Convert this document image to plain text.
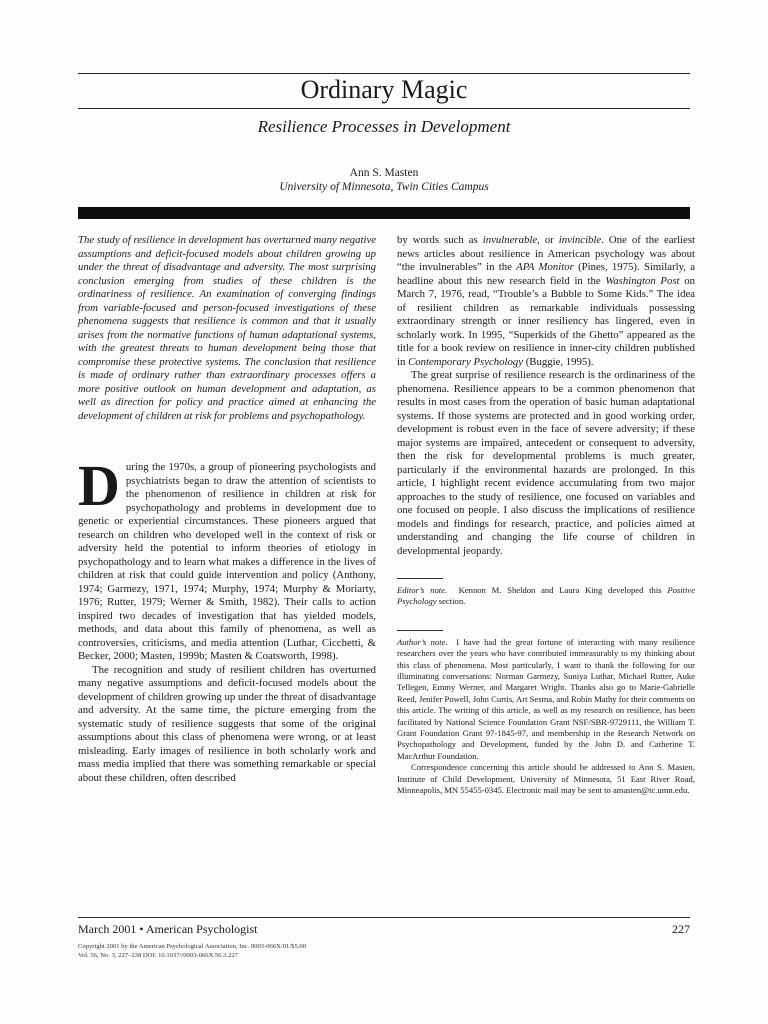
Ordinary Magic
Resilience Processes in Development
Ann S. Masten
University of Minnesota, Twin Cities Campus

The study of resilience in development has overturned many negative assumptions and deficit-focused models about children growing up under the threat of disadvantage and adversity. The most surprising conclusion emerging from studies of these children is the ordinariness of resilience. An examination of converging findings from variable-focused and person-focused investigations of these phenomena suggests that resilience is common and that it usually arises from the normative functions of human adaptational systems, with the greatest threats to human development being those that compromise these protective systems. The conclusion that resilience is made of ordinary rather than extraordinary processes offers a more positive outlook on human development and adaptation, as well as direction for policy and practice aimed at enhancing the development of children at risk for problems and psychopathology.

During the 1970s, a group of pioneering psychologists and psychiatrists began to draw the attention of scientists to the phenomenon of resilience in children at risk for psychopathology and problems in development due to genetic or experiential circumstances. These pioneers argued that research on children who developed well in the context of risk or adversity held the potential to inform theories of etiology in psychopathology and to learn what makes a difference in the lives of children at risk that could guide intervention and policy (Anthony, 1974; Garmezy, 1971, 1974; Murphy, 1974; Murphy & Moriarty, 1976; Rutter, 1979; Werner & Smith, 1982). Their calls to action inspired two decades of investigation that has yielded models, methods, and data about this family of phenomena, as well as controversies, criticisms, and media attention (Luthar, Cicchetti, & Becker, 2000; Masten, 1999b; Masten & Coatsworth, 1998).

The recognition and study of resilient children has overturned many negative assumptions and deficit-focused models about the development of children growing up under the threat of disadvantage and adversity. At the same time, the picture emerging from the systematic study of resilience suggests that some of the original assumptions about this class of phenomena were wrong, or at least misleading. Early images of resilience in both scholarly work and mass media implied that there was something remarkable or special about these children, often described

by words such as invulnerable, or invincible. One of the earliest news articles about resilience in American psychology was about “the invulnerables” in the APA Monitor (Pines, 1975). Similarly, a headline about this new research field in the Washington Post on March 7, 1976, read, “Trouble’s a Bubble to Some Kids.” The idea of resilient children as remarkable individuals possessing extraordinary strength or inner resiliency has lingered, even in scholarly work. In 1995, “Superkids of the Ghetto” appeared as the title for a book review on resilience in inner-city children published in Contemporary Psychology (Buggie, 1995).

The great surprise of resilience research is the ordinariness of the phenomena. Resilience appears to be a common phenomenon that results in most cases from the operation of basic human adaptational systems. If those systems are protected and in good working order, development is robust even in the face of severe adversity; if these major systems are impaired, antecedent or consequent to adversity, then the risk for developmental problems is much greater, particularly if the environmental hazards are prolonged. In this article, I highlight recent evidence accumulating from two major approaches to the study of resilience, one focused on variables and one focused on people. I also discuss the implications of resilience models and findings for research, practice, and policies aimed at understanding and changing the life course of children in developmental jeopardy.

Editor’s note. Kennon M. Sheldon and Laura King developed this Positive Psychology section.

Author’s note. I have had the great fortune of interacting with many resilience researchers over the years who have contributed immeasurably to my thinking about this class of phenomena. Most particularly, I want to thank the following for our illuminating conversations: Norman Garmezy, Suniya Luthar, Michael Rutter, Auke Tellegen, Emmy Werner, and Margaret Wright. Thanks also go to Marie-Gabrielle Reed, Jenifer Powell, John Curtis, Art Sesma, and Robin Mathy for their comments on this article. The writing of this article, as well as my research on resilience, has been facilitated by National Science Foundation Grant NSF/SBR-9729111, the William T. Grant Foundation Grant 97-1845-97, and membership in the Research Network on Psychopathology and Development, funded by the John D. and Catherine T. MacArthur Foundation.

Correspondence concerning this article should be addressed to Ann S. Masten, Institute of Child Development, University of Minnesota, 51 East River Road, Minneapolis, MN 55455-0345. Electronic mail may be sent to amasten@tc.umn.edu.

March 2001 • American Psychologist	227
Copyright 2001 by the American Psychological Association, Inc. 0003-066X/01/$5.00
Vol. 56, No. 3, 227–238 DOI: 10.1037//0003-066X.56.3.227
